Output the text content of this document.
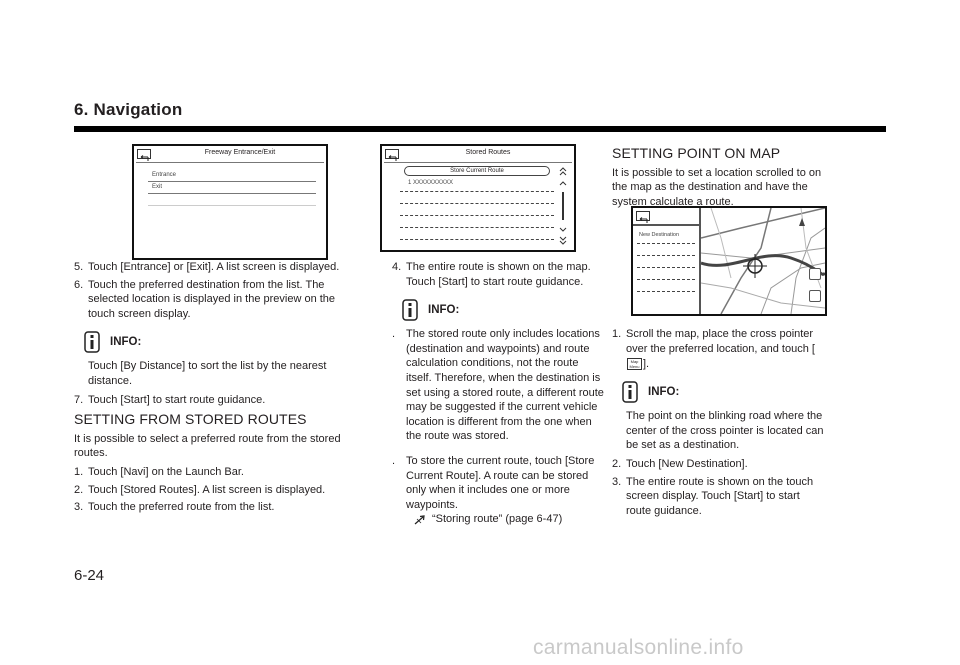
6. Navigation
Freeway Entrance/Exit
Entrance
Exit
Stored Routes
Store Current Route
1 XXXXXXXXXX
New Destination
5. Touch [Entrance] or [Exit]. A list screen is displayed.
6. Touch the preferred destination from the list. The selected location is displayed in the preview on the touch screen display.
INFO:
Touch [By Distance] to sort the list by the nearest distance.
7. Touch [Start] to start route guidance.
SETTING FROM STORED ROUTES
It is possible to select a preferred route from the stored routes.
1. Touch [Navi] on the Launch Bar.
2. Touch [Stored Routes]. A list screen is displayed.
3. Touch the preferred route from the list.
4. The entire route is shown on the map. Touch [Start] to start route guidance.
INFO:
. The stored route only includes locations (destination and waypoints) and route calculation conditions, not the route itself. Therefore, when the destination is set using a stored route, a different route may be suggested if the current vehicle location is different from the one when the route was stored.
. To store the current route, touch [Store Current Route]. A route can be stored only when it includes one or more waypoints.
“Storing route” (page 6-47)
SETTING POINT ON MAP
It is possible to set a location scrolled to on the map as the destination and have the system calculate a route.
1. Scroll the map, place the cross pointer over the preferred location, and touch [Map Menu ].
INFO:
The point on the blinking road where the center of the cross pointer is located can be set as a destination.
2. Touch [New Destination].
3. The entire route is shown on the touch screen display. Touch [Start] to start route guidance.
6-24
carmanualsonline.info
